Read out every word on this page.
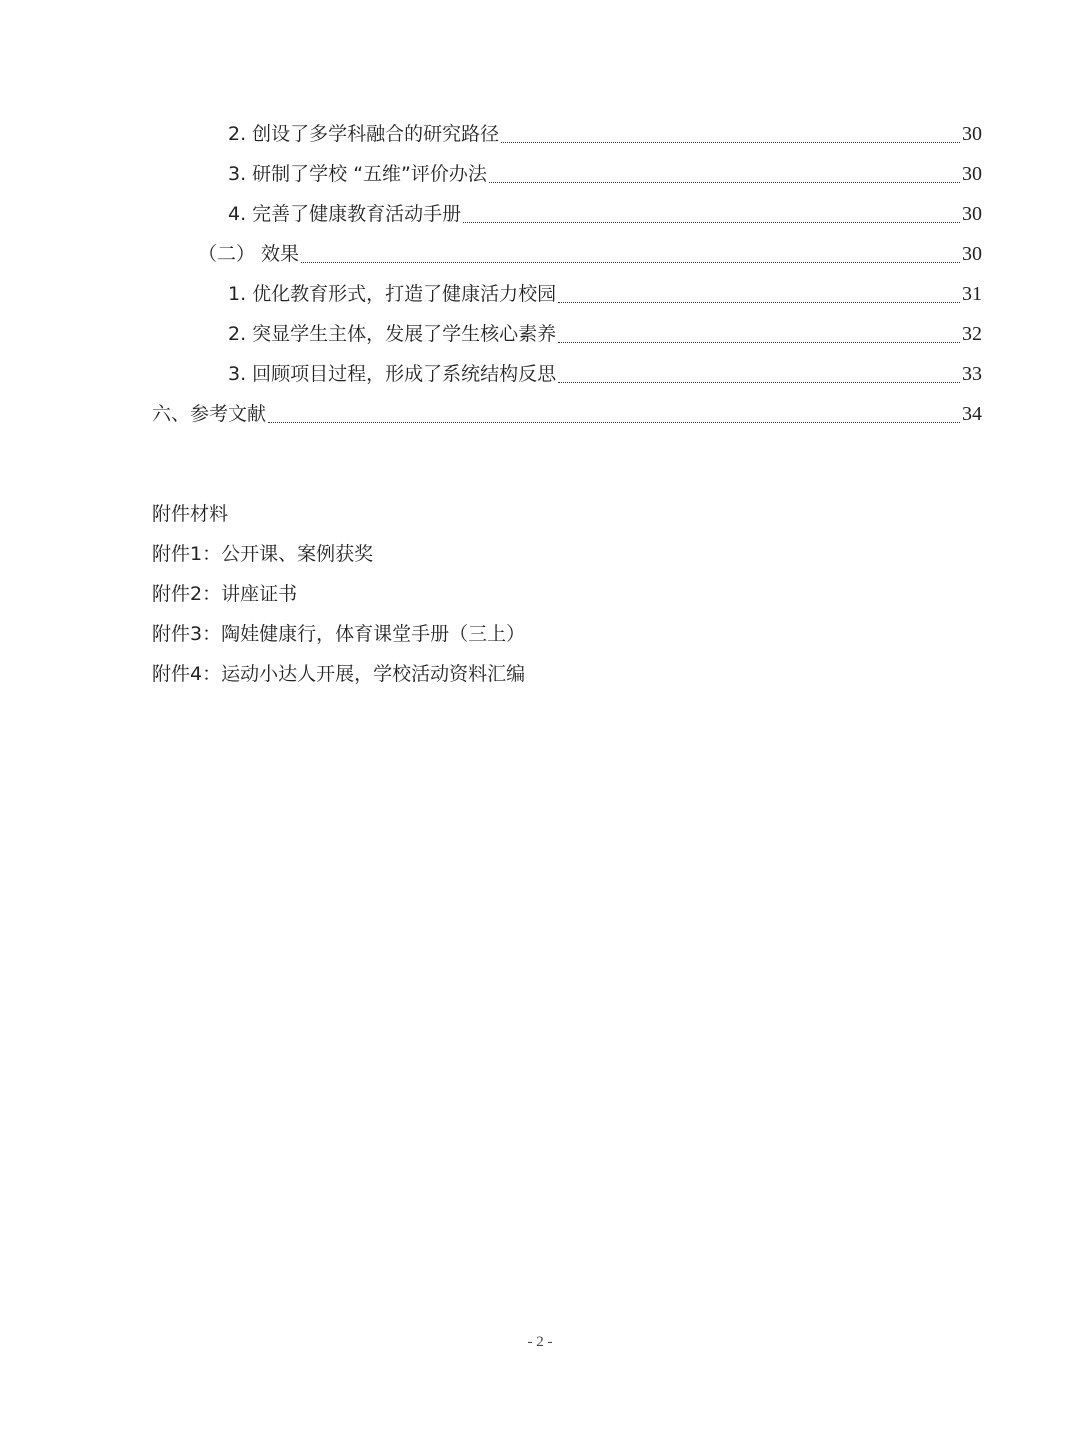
2. 创设了多学科融合的研究路径	30
3. 研制了学校 “五维”评价办法	30
4. 完善了健康教育活动手册	30
（二） 效果	30
1. 优化教育形式，打造了健康活力校园	31
2. 突显学生主体，发展了学生核心素养	32
3. 回顾项目过程，形成了系统结构反思	33
六、参考文献	34
附件材料
附件1：公开课、案例获奖
附件2：讲座证书
附件3：陶娃健康行，体育课堂手册（三上）
附件4：运动小达人开展，学校活动资料汇编
- 2 -
